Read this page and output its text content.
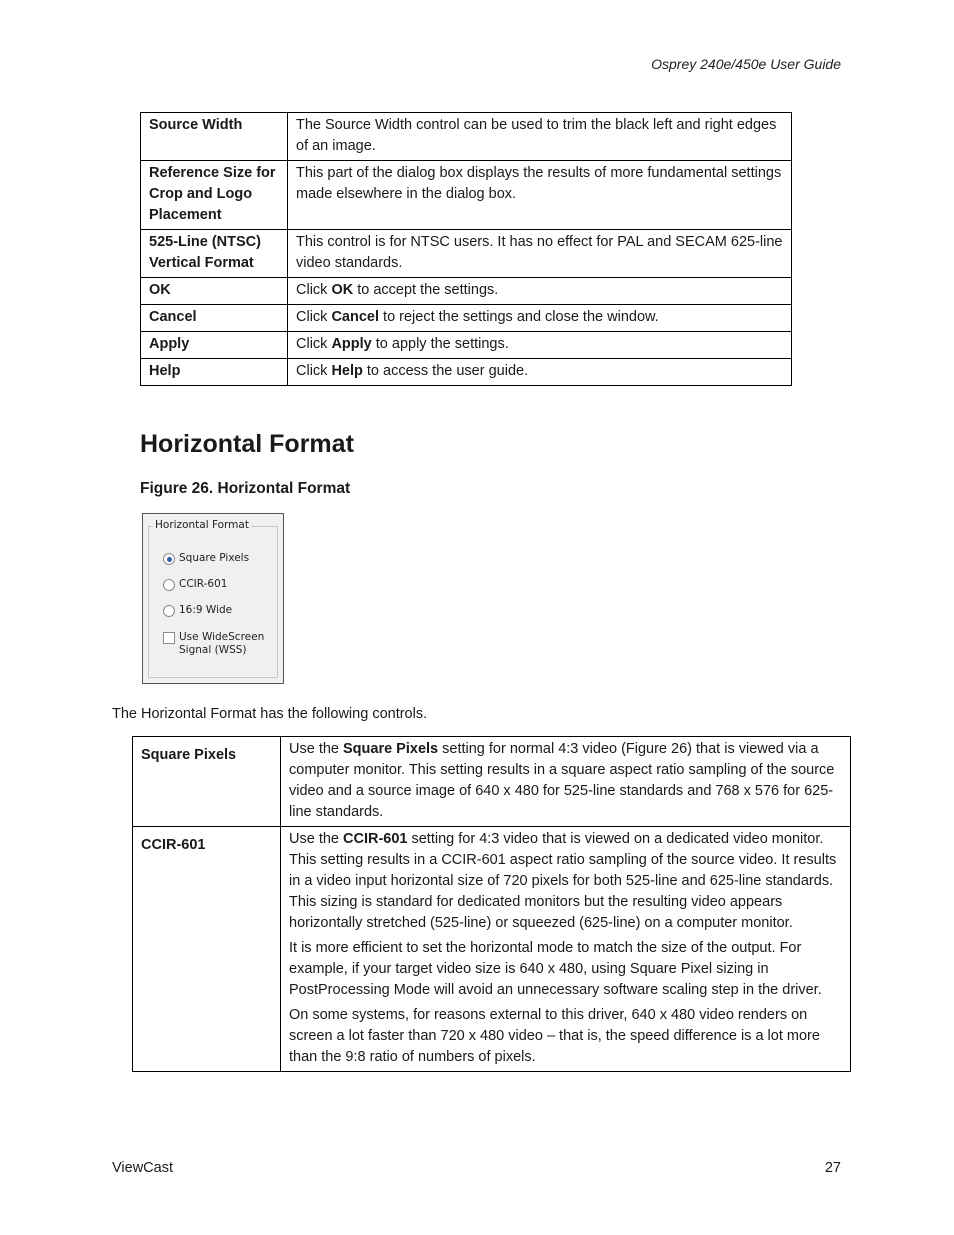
Osprey 240e/450e User Guide
Source Width	The Source Width control can be used to trim the black left and right edges of an image.
Reference Size for Crop and Logo Placement	This part of the dialog box displays the results of more fundamental settings made elsewhere in the dialog box.
525-Line (NTSC) Vertical Format	This control is for NTSC users. It has no effect for PAL and SECAM 625-line video standards.
OK	Click OK to accept the settings.
Cancel	Click Cancel to reject the settings and close the window.
Apply	Click Apply to apply the settings.
Help	Click Help to access the user guide.
Horizontal Format
Figure 26. Horizontal Format
Horizontal Format
Square Pixels
CCIR-601
16:9 Wide
Use WideScreen
Signal (WSS)
The Horizontal Format has the following controls.
Square Pixels	Use the Square Pixels setting for normal 4:3 video (Figure 26) that is viewed via a computer monitor. This setting results in a square aspect ratio sampling of the source video and a source image of 640 x 480 for 525-line standards and 768 x 576 for 625-line standards.

CCIR-601	Use the CCIR-601 setting for 4:3 video that is viewed on a dedicated video monitor. This setting results in a CCIR-601 aspect ratio sampling of the source video. It results in a video input horizontal size of 720 pixels for both 525-line and 625-line standards. This sizing is standard for dedicated monitors but the resulting video appears horizontally stretched (525-line) or squeezed (625-line) on a computer monitor.

It is more efficient to set the horizontal mode to match the size of the output. For example, if your target video size is 640 x 480, using Square Pixel sizing in PostProcessing Mode will avoid an unnecessary software scaling step in the driver.

On some systems, for reasons external to this driver, 640 x 480 video renders on screen a lot faster than 720 x 480 video – that is, the speed difference is a lot more than the 9:8 ratio of numbers of pixels.

ViewCast	27
